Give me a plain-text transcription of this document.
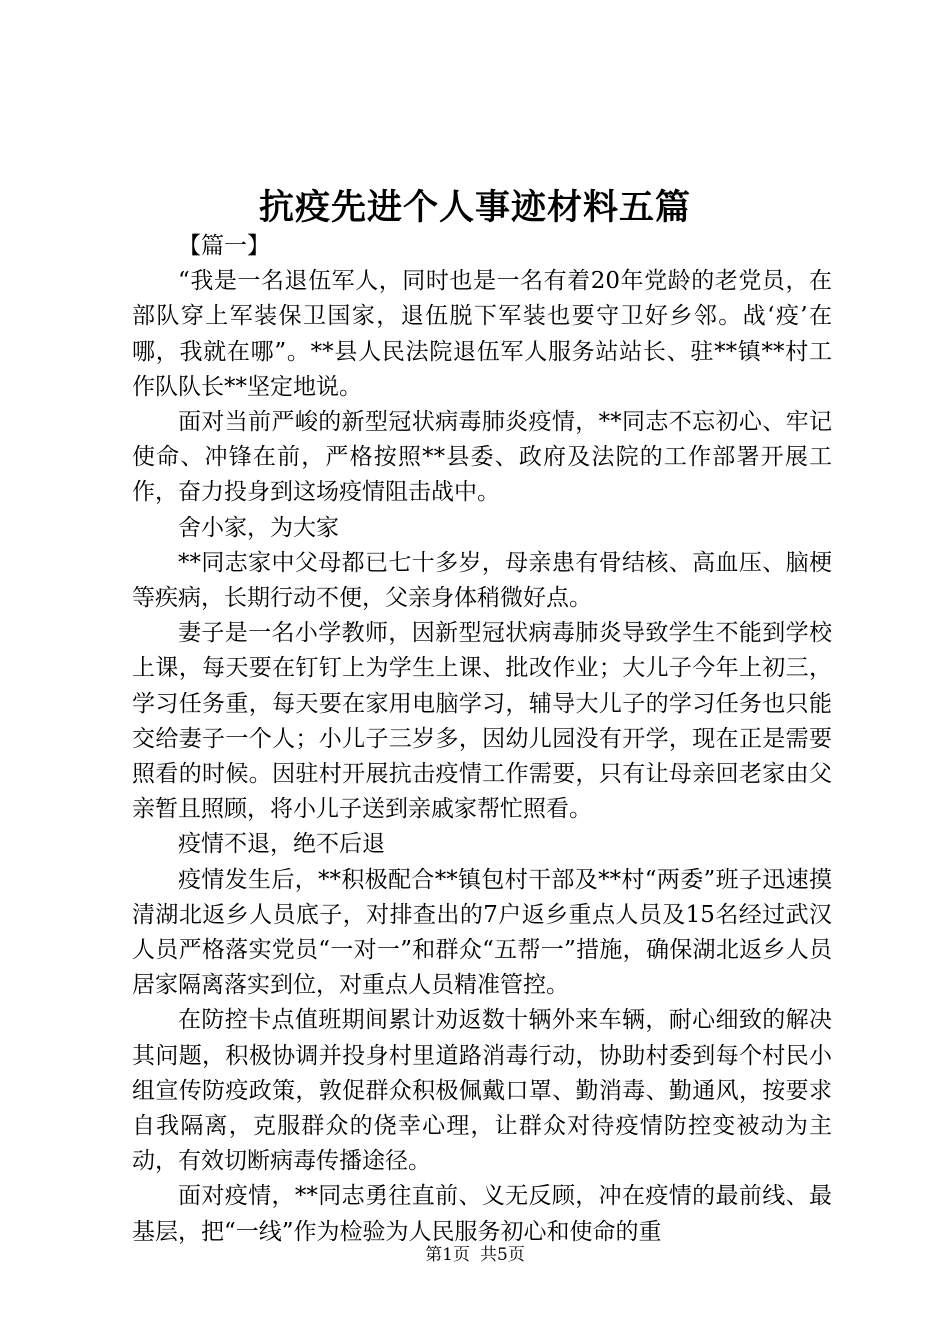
抗疫先进个人事迹材料五篇

【篇一】

“我是一名退伍军人，同时也是一名有着20年党龄的老党员，在部队穿上军装保卫国家，退伍脱下军装也要守卫好乡邻。战‘疫’在哪，我就在哪”。**县人民法院退伍军人服务站站长、驻**镇**村工作队队长**坚定地说。

面对当前严峻的新型冠状病毒肺炎疫情，**同志不忘初心、牢记使命、冲锋在前，严格按照**县委、政府及法院的工作部署开展工作，奋力投身到这场疫情阻击战中。

舍小家，为大家

**同志家中父母都已七十多岁，母亲患有骨结核、高血压、脑梗等疾病，长期行动不便，父亲身体稍微好点。

妻子是一名小学教师，因新型冠状病毒肺炎导致学生不能到学校上课，每天要在钉钉上为学生上课、批改作业；大儿子今年上初三，学习任务重，每天要在家用电脑学习，辅导大儿子的学习任务也只能交给妻子一个人；小儿子三岁多，因幼儿园没有开学，现在正是需要照看的时候。因驻村开展抗击疫情工作需要，只有让母亲回老家由父亲暂且照顾，将小儿子送到亲戚家帮忙照看。

疫情不退，绝不后退

疫情发生后，**积极配合**镇包村干部及**村“两委”班子迅速摸清湖北返乡人员底子，对排查出的7户返乡重点人员及15名经过武汉人员严格落实党员“一对一”和群众“五帮一”措施，确保湖北返乡人员居家隔离落实到位，对重点人员精准管控。

在防控卡点值班期间累计劝返数十辆外来车辆，耐心细致的解决其问题，积极协调并投身村里道路消毒行动，协助村委到每个村民小组宣传防疫政策，敦促群众积极佩戴口罩、勤消毒、勤通风，按要求自我隔离，克服群众的侥幸心理，让群众对待疫情防控变被动为主动，有效切断病毒传播途径。

面对疫情，**同志勇往直前、义无反顾，冲在疫情的最前线、最基层，把“一线”作为检验为人民服务初心和使命的重

第1页 共5页
